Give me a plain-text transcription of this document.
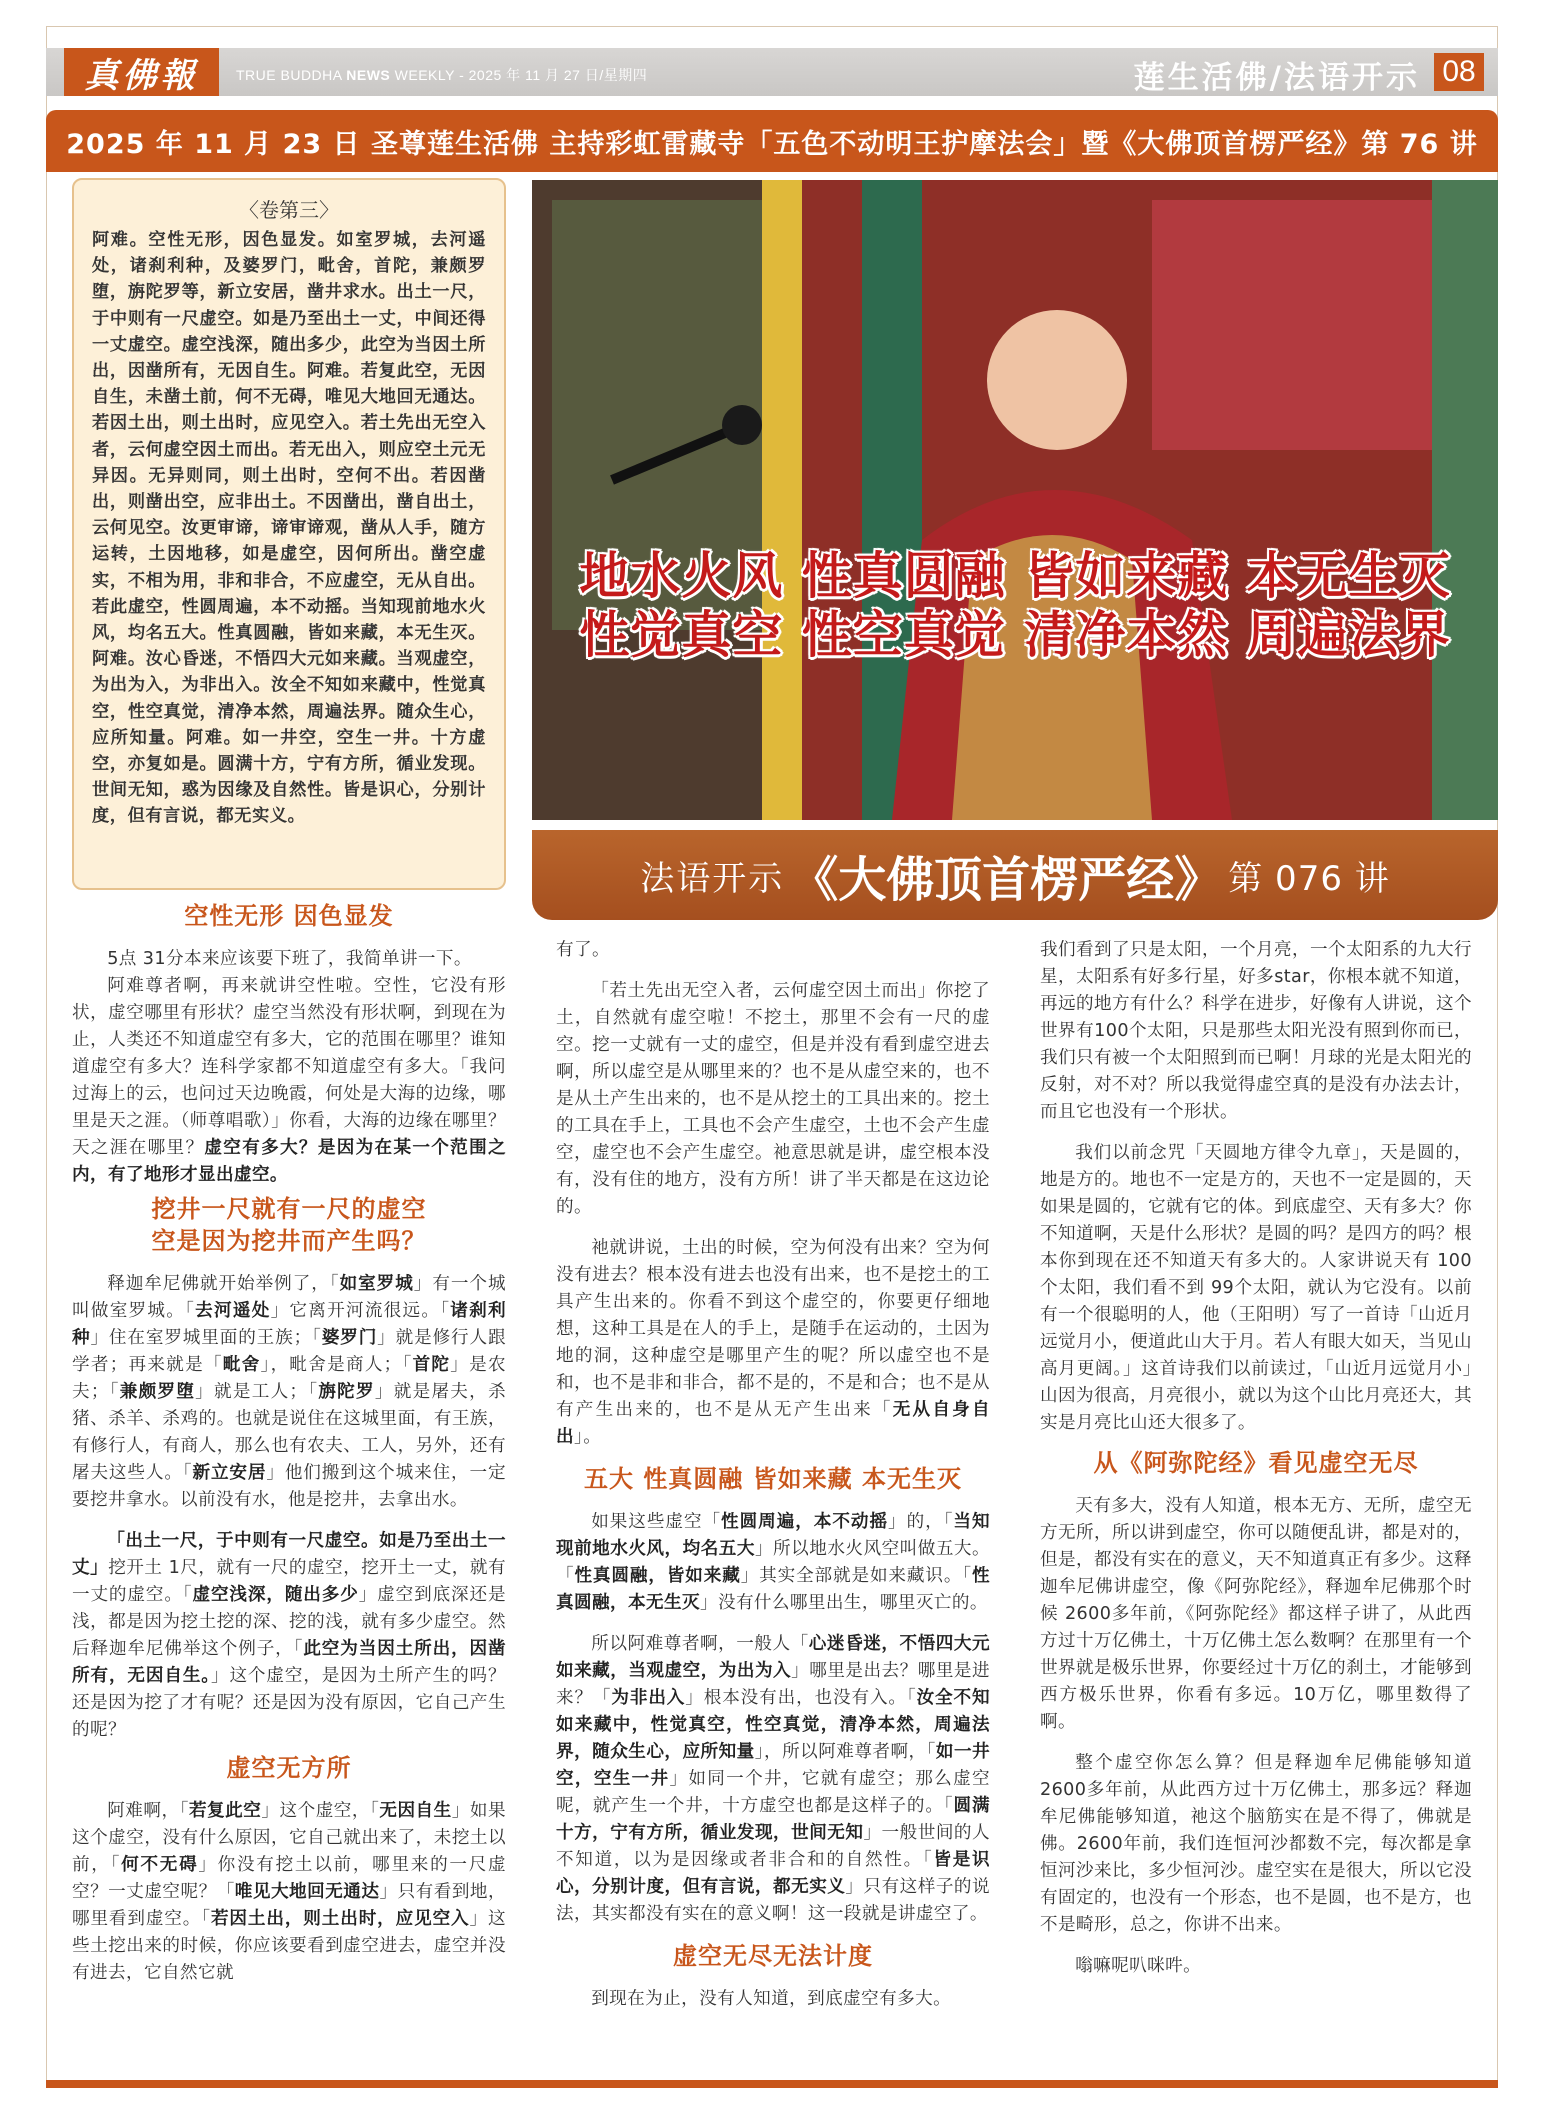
真佛報	TRUE BUDDHA NEWS WEEKLY - 2025 年 11 月 27 日/星期四	莲生活佛/法语开示 08
2025 年 11 月 23 日 圣尊莲生活佛 主持彩虹雷藏寺「五色不动明王护摩法会」暨《大佛顶首楞严经》第 76 讲
〈卷第三〉
阿难。空性无形，因色显发。如室罗城，去河遥处，诸刹利种，及婆罗门，毗舍，首陀，兼颇罗堕，旃陀罗等，新立安居，凿井求水。出土一尺，于中则有一尺虚空。如是乃至出土一丈，中间还得一丈虚空。虚空浅深，随出多少，此空为当因土所出，因凿所有，无因自生。阿难。若复此空，无因自生，未凿土前，何不无碍，唯见大地回无通达。若因土出，则土出时，应见空入。若土先出无空入者，云何虚空因土而出。若无出入，则应空土元无异因。无异则同，则土出时，空何不出。若因凿出，则凿出空，应非出土。不因凿出，凿自出土，云何见空。汝更审谛，谛审谛观，凿从人手，随方运转，土因地移，如是虚空，因何所出。凿空虚实，不相为用，非和非合，不应虚空，无从自出。若此虚空，性圆周遍，本不动摇。当知现前地水火风，均名五大。性真圆融，皆如来藏，本无生灭。阿难。汝心昏迷，不悟四大元如来藏。当观虚空，为出为入，为非出入。汝全不知如来藏中，性觉真空，性空真觉，清净本然，周遍法界。随众生心，应所知量。阿难。如一井空，空生一井。十方虚空，亦复如是。圆满十方，宁有方所，循业发现。世间无知，惑为因缘及自然性。皆是识心，分别计度，但有言说，都无实义。
地水火风 性真圆融 皆如来藏 本无生灭
性觉真空 性空真觉 清净本然 周遍法界
法语开示 《大佛顶首楞严经》 第 076 讲

空性无形 因色显发

5点 31分本来应该要下班了，我简单讲一下。

阿难尊者啊，再来就讲空性啦。空性，它没有形状，虚空哪里有形状？虚空当然没有形状啊，到现在为止，人类还不知道虚空有多大，它的范围在哪里？谁知道虚空有多大？连科学家都不知道虚空有多大。「我问过海上的云，也问过天边晚霞，何处是大海的边缘，哪里是天之涯。（师尊唱歌）」你看，大海的边缘在哪里？天之涯在哪里？虚空有多大？是因为在某一个范围之内，有了地形才显出虚空。

挖井一尺就有一尺的虚空

空是因为挖井而产生吗？

释迦牟尼佛就开始举例了，「如室罗城」有一个城叫做室罗城。「去河遥处」它离开河流很远。「诸刹利种」住在室罗城里面的王族；「婆罗门」就是修行人跟学者；再来就是「毗舍」，毗舍是商人；「首陀」是农夫；「兼颇罗堕」就是工人；「旃陀罗」就是屠夫，杀猪、杀羊、杀鸡的。也就是说住在这城里面，有王族，有修行人，有商人，那么也有农夫、工人，另外，还有屠夫这些人。「新立安居」他们搬到这个城来住，一定要挖井拿水。以前没有水，他是挖井，去拿出水。

「出土一尺，于中则有一尺虚空。如是乃至出土一丈」挖开土 1尺，就有一尺的虚空，挖开土一丈，就有一丈的虚空。「虚空浅深，随出多少」虚空到底深还是浅，都是因为挖土挖的深、挖的浅，就有多少虚空。然后释迦牟尼佛举这个例子，「此空为当因土所出，因凿所有，无因自生。」这个虚空，是因为土所产生的吗？还是因为挖了才有呢？还是因为没有原因，它自己产生的呢？

虚空无方所

阿难啊，「若复此空」这个虚空，「无因自生」如果这个虚空，没有什么原因，它自己就出来了，未挖土以前，「何不无碍」你没有挖土以前，哪里来的一尺虚空？一丈虚空呢？「唯见大地回无通达」只有看到地，哪里看到虚空。「若因土出，则土出时，应见空入」这些土挖出来的时候，你应该要看到虚空进去，虚空并没有进去，它自然它就

有了。

「若土先出无空入者，云何虚空因土而出」你挖了土，自然就有虚空啦！不挖土，那里不会有一尺的虚空。挖一丈就有一丈的虚空，但是并没有看到虚空进去啊，所以虚空是从哪里来的？也不是从虚空来的，也不是从土产生出来的，也不是从挖土的工具出来的。挖土的工具在手上，工具也不会产生虚空，土也不会产生虚空，虚空也不会产生虚空。祂意思就是讲，虚空根本没有，没有住的地方，没有方所！讲了半天都是在这边论的。

祂就讲说，土出的时候，空为何没有出来？空为何没有进去？根本没有进去也没有出来，也不是挖土的工具产生出来的。你看不到这个虚空的，你要更仔细地想，这种工具是在人的手上，是随手在运动的，土因为地的洞，这种虚空是哪里产生的呢？所以虚空也不是和，也不是非和非合，都不是的，不是和合；也不是从有产生出来的，也不是从无产生出来「无从自身自出」。

五大 性真圆融 皆如来藏 本无生灭

如果这些虚空「性圆周遍，本不动摇」的，「当知现前地水火风，均名五大」所以地水火风空叫做五大。「性真圆融，皆如来藏」其实全部就是如来藏识。「性真圆融，本无生灭」没有什么哪里出生，哪里灭亡的。

所以阿难尊者啊，一般人「心迷昏迷，不悟四大元如来藏，当观虚空，为出为入」哪里是出去？哪里是进来？「为非出入」根本没有出，也没有入。「汝全不知如来藏中，性觉真空，性空真觉，清净本然，周遍法界，随众生心，应所知量」，所以阿难尊者啊，「如一井空，空生一井」如同一个井，它就有虚空；那么虚空呢，就产生一个井，十方虚空也都是这样子的。「圆满十方，宁有方所，循业发现，世间无知」一般世间的人不知道，以为是因缘或者非合和的自然性。「皆是识心，分别计度，但有言说，都无实义」只有这样子的说法，其实都没有实在的意义啊！这一段就是讲虚空了。

虚空无尽无法计度

到现在为止，没有人知道，到底虚空有多大。

我们看到了只是太阳，一个月亮，一个太阳系的九大行星，太阳系有好多行星，好多star，你根本就不知道，再远的地方有什么？科学在进步，好像有人讲说，这个世界有100个太阳，只是那些太阳光没有照到你而已，我们只有被一个太阳照到而已啊！月球的光是太阳光的反射，对不对？所以我觉得虚空真的是没有办法去计，而且它也没有一个形状。

我们以前念咒「天圆地方律令九章」，天是圆的，地是方的。地也不一定是方的，天也不一定是圆的，天如果是圆的，它就有它的体。到底虚空、天有多大？你不知道啊，天是什么形状？是圆的吗？是四方的吗？根本你到现在还不知道天有多大的。人家讲说天有 100个太阳，我们看不到 99个太阳，就认为它没有。以前有一个很聪明的人，他（王阳明）写了一首诗「山近月远觉月小，便道此山大于月。若人有眼大如天，当见山高月更阔。」这首诗我们以前读过，「山近月远觉月小」山因为很高，月亮很小，就以为这个山比月亮还大，其实是月亮比山还大很多了。

从《阿弥陀经》看见虚空无尽

天有多大，没有人知道，根本无方、无所，虚空无方无所，所以讲到虚空，你可以随便乱讲，都是对的，但是，都没有实在的意义，天不知道真正有多少。这释迦牟尼佛讲虚空，像《阿弥陀经》，释迦牟尼佛那个时候 2600多年前，《阿弥陀经》都这样子讲了，从此西方过十万亿佛土，十万亿佛土怎么数啊？在那里有一个世界就是极乐世界，你要经过十万亿的刹土，才能够到西方极乐世界，你看有多远。10万亿，哪里数得了啊。

整个虚空你怎么算？但是释迦牟尼佛能够知道 2600多年前，从此西方过十万亿佛土，那多远？释迦牟尼佛能够知道，祂这个脑筋实在是不得了，佛就是佛。2600年前，我们连恒河沙都数不完，每次都是拿恒河沙来比，多少恒河沙。虚空实在是很大，所以它没有固定的，也没有一个形态，也不是圆，也不是方，也不是畸形，总之，你讲不出来。

嗡嘛呢叭咪吽。
